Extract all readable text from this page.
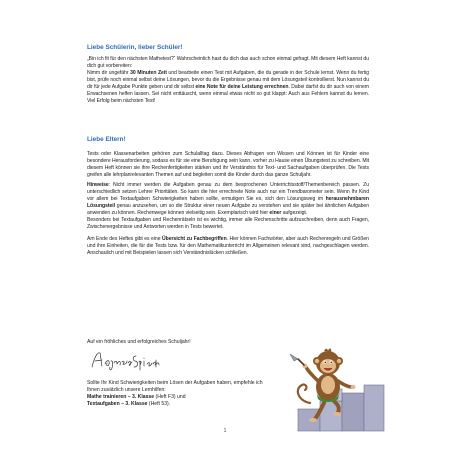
Liebe Schülerin, lieber Schüler!

„Bin ich fit für den nächsten Mathetest?“ Wahrscheinlich hast du dich das auch schon einmal gefragt. Mit diesem Heft kannst du dich gut vorbereiten:
Nimm dir ungefähr 30 Minuten Zeit und bearbeite einen Test mit Aufgaben, die du gerade in der Schule lernst. Wenn du fertig bist, prüfe noch einmal selbst deine Lösungen, bevor du die Ergebnisse genau mit dem Lösungsteil kontrollierst. Nun kannst du dir für jede Aufgabe Punkte geben und dir selbst eine Note für deine Leistung errechnen. Dabei darfst du dir auch von einem Erwachsenen helfen lassen. Sei nicht enttäuscht, wenn einmal etwas nicht so gut klappt: Auch aus Fehlern kannst du lernen. Viel Erfolg beim nächsten Test!

Liebe Eltern!

Tests oder Klassenarbeiten gehören zum Schulalltag dazu. Dieses Abfragen von Wissen und Können ist für Kinder eine besondere Herausforderung, sodass es für sie eine Beruhigung sein kann, vorher zu Hause einen Übungstest zu schreiben. Mit diesem Heft können sie ihre Rechenfertigkeiten stärken und ihr Verständnis für Text- und Sachaufgaben überprüfen. Die Tests greifen alle lehrplanrelevanten Themen auf und begleiten somit die Kinder durch das ganze Schuljahr.

Hinweise: Nicht immer werden die Aufgaben genau zu dem besprochenen Unterrichtsstoff/Themenbereich passen. Zu unterschiedlich setzen Lehrer Prioritäten. So kann die hier errechnete Note auch nur ein Trendbarometer sein. Wenn Ihr Kind vor allem bei Textaufgaben Schwierigkeiten haben sollte, ermutigen Sie es, sich den Lösungsweg im herausnehmbaren Lösungsteil genau anzusehen, um so die Struktur einer neuen Aufgabe zu verstehen und sie später bei ähnlichen Aufgaben anwenden zu können. Rechenwege können vielseitig sein. Exemplarisch wird hier einer aufgezeigt.

Besonders bei Textaufgaben und Rechenrätseln ist es wichtig, immer alle Rechenschritte aufzuschreiben, denn auch Fragen, Zwischenergebnisse und Antworten werden in Tests bewertet.

Am Ende des Heftes gibt es eine Übersicht zu Fachbegriffen. Hier können Fachwörter, aber auch Rechenregeln und Größen und ihre Einheiten, die für die Tests bzw. für den Mathematikunterricht im Allgemeinen relevant sind, nachgeschlagen werden. Anschaulich und mit Beispielen lassen sich Verständnislücken schließen.

Auf ein fröhliches und erfolgreiches Schuljahr!
Sollte Ihr Kind Schwierigkeiten beim Lösen der Aufgaben haben, empfehle ich Ihnen zusätzlich unsere Lernhilfen:
Mathe trainieren – 3. Klasse (Heft F3) und
Textaufgaben – 3. Klasse (Heft 53).
1
